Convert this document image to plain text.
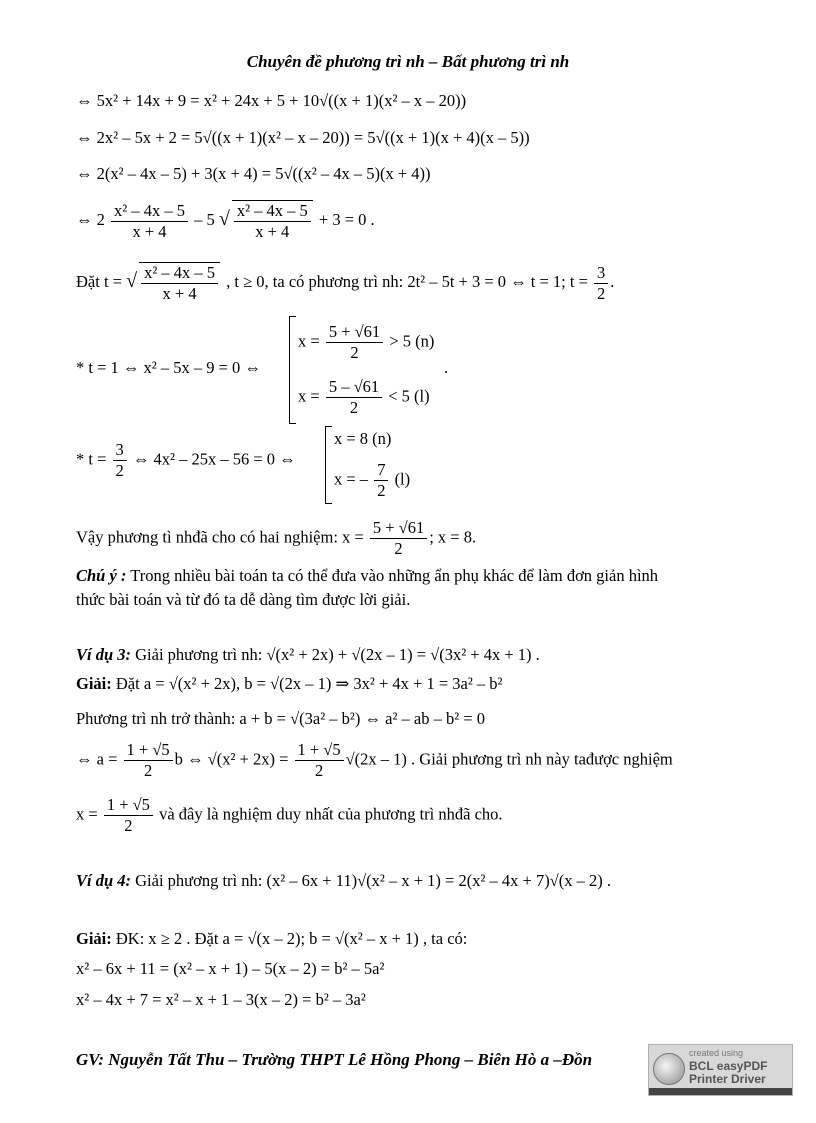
Chuyên đề phương trì nh – Bất phương trì nh
⇔ 5x² + 14x + 9 = x² + 24x + 5 + 10√((x + 1)(x² – x – 20))
⇔ 2x² – 5x + 2 = 5√((x + 1)(x² – x – 20)) = 5√((x + 1)(x + 4)(x – 5))
⇔ 2(x² – 4x – 5) + 3(x + 4) = 5√((x² – 4x – 5)(x + 4))
⇔ $2 \frac{\text{x² – 4x – 5}}{x + 4} - 5$ √ $\frac{\text{x² – 4x – 5}}{x + 4} + 3 = 0$ .
Đặt t = √ $\frac{\text{x² – 4x – 5}}{x + 4}$ , t ≥ 0, ta có phương trì nh: 2t² – 5t + 3 = 0 ⇔ t = 1; $t = \frac{3}{2}$ .
* t = 1 ⇔ x² – 5x – 9 = 0 ⇔
$x = \frac{5 + √61}{2} > 5$ (n)
$x = \frac{5 - √61}{2} < 5$ (l)
.
* $t = \frac{3}{2}$ ⇔ 4x² – 25x – 56 = 0 ⇔
x = 8 (n)
x = – $\frac{7}{2} (l)$
Vậy phương tì nhđã cho có hai nghiệm: $x = \frac{5 + √61}{2}$ ; x = 8.
Chú ý : Trong nhiều bài toán ta có thể đưa vào những ẩn phụ khác để làm đơn giản hình
thức bài toán và từ đó ta dễ dàng tìm được lời giải.
Ví dụ 3: Giải phương trì nh: √(x² + 2x) + √(2x – 1) = √(3x² + 4x + 1) .
Giải: Đặt a = √(x² + 2x), b = √(2x – 1) ⇒ 3x² + 4x + 1 = 3a² – b²
Phương trì nh trở thành: a + b = √(3a² – b²) ⇔ a² – ab – b² = 0
⇔ $a = \frac{1 + √5}{2}$ b ⇔ $√(x^2 + 2x) = \frac{1 + √5}{2} √(2x - 1)$ . Giải phương trì nh này tađược nghiệm
$x = \frac{1 + √5}{2}$ và đây là nghiệm duy nhất của phương trì nhđã cho.
Ví dụ 4: Giải phương trì nh: (x² – 6x + 11)√(x² – x + 1) = 2(x² – 4x + 7)√(x – 2) .
Giải: ĐK: x ≥ 2 . Đặt a = √(x – 2); b = √(x² – x + 1) , ta có:
x² – 6x + 11 = (x² – x + 1) – 5(x – 2) = b² – 5a²
x² – 4x + 7 = x² – x + 1 – 3(x – 2) = b² – 3a²
GV: Nguyễn Tất Thu – Trường THPT Lê Hồng Phong – Biên Hò a –Đồn	created using
BCL easyPDF
Printer Driver
